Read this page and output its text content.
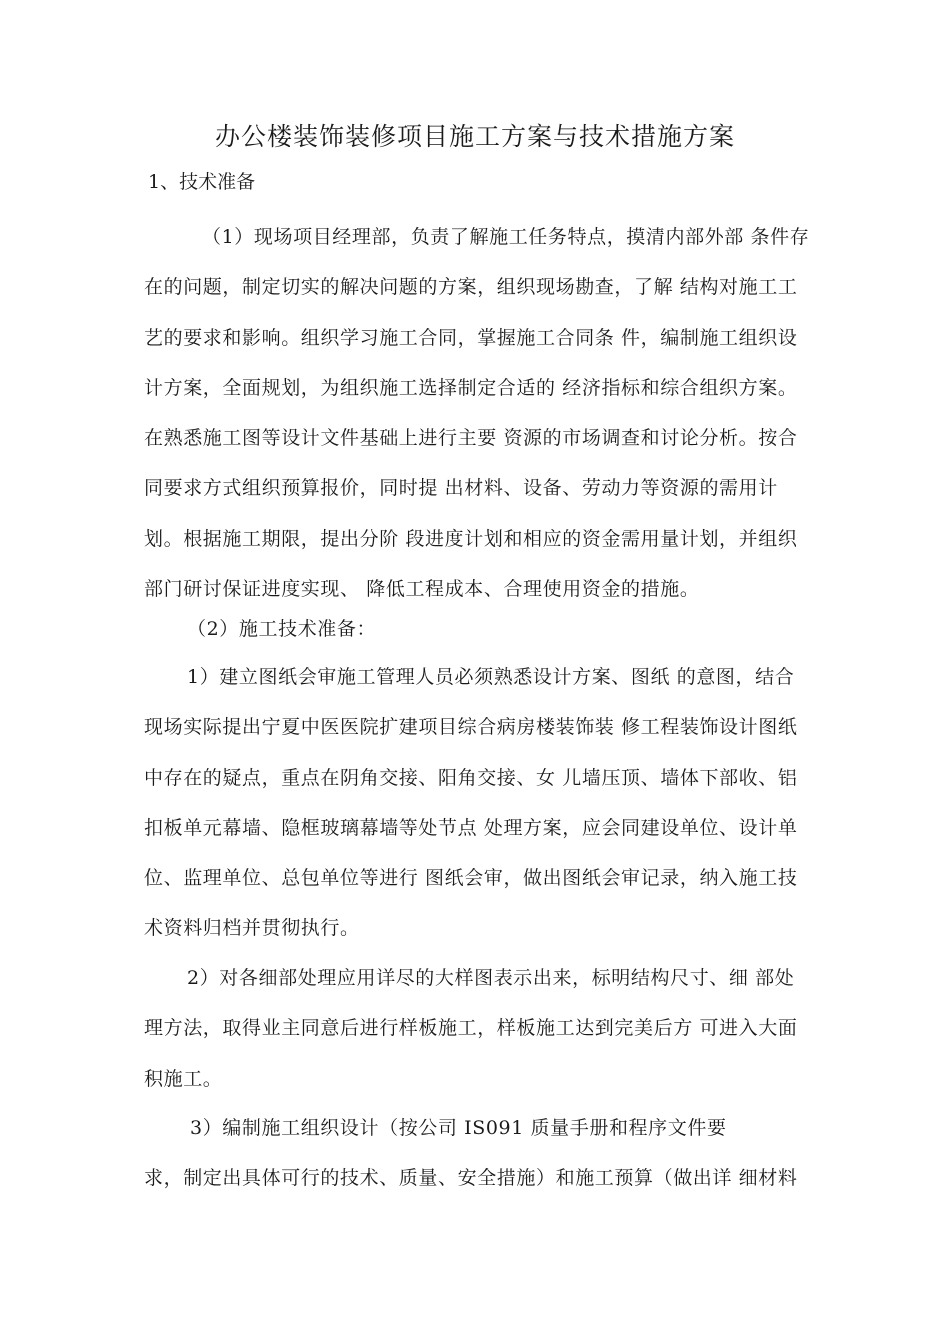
办公楼装饰装修项目施工方案与技术措施方案
1、技术准备
（1）现场项目经理部，负责了解施工任务特点，摸清内部外部 条件存
在的问题，制定切实的解决问题的方案，组织现场勘查，了解 结构对施工工
艺的要求和影响。组织学习施工合同，掌握施工合同条 件，编制施工组织设
计方案，全面规划，为组织施工选择制定合适的 经济指标和综合组织方案。
在熟悉施工图等设计文件基础上进行主要 资源的市场调查和讨论分析。按合
同要求方式组织预算报价，同时提 出材料、设备、劳动力等资源的需用计
划。根据施工期限，提出分阶 段进度计划和相应的资金需用量计划，并组织
部门研讨保证进度实现、 降低工程成本、合理使用资金的措施。
（2）施工技术准备：
1）建立图纸会审施工管理人员必须熟悉设计方案、图纸 的意图，结合
现场实际提出宁夏中医医院扩建项目综合病房楼装饰装 修工程装饰设计图纸
中存在的疑点，重点在阴角交接、阳角交接、女 儿墙压顶、墙体下部收、铝
扣板单元幕墙、隐框玻璃幕墙等处节点 处理方案，应会同建设单位、设计单
位、监理单位、总包单位等进行 图纸会审，做出图纸会审记录，纳入施工技
术资料归档并贯彻执行。
2）对各细部处理应用详尽的大样图表示出来，标明结构尺寸、细 部处
理方法，取得业主同意后进行样板施工，样板施工达到完美后方 可进入大面
积施工。
3）编制施工组织设计（按公司 IS091 质量手册和程序文件要
求，制定出具体可行的技术、质量、安全措施）和施工预算（做出详 细材料
